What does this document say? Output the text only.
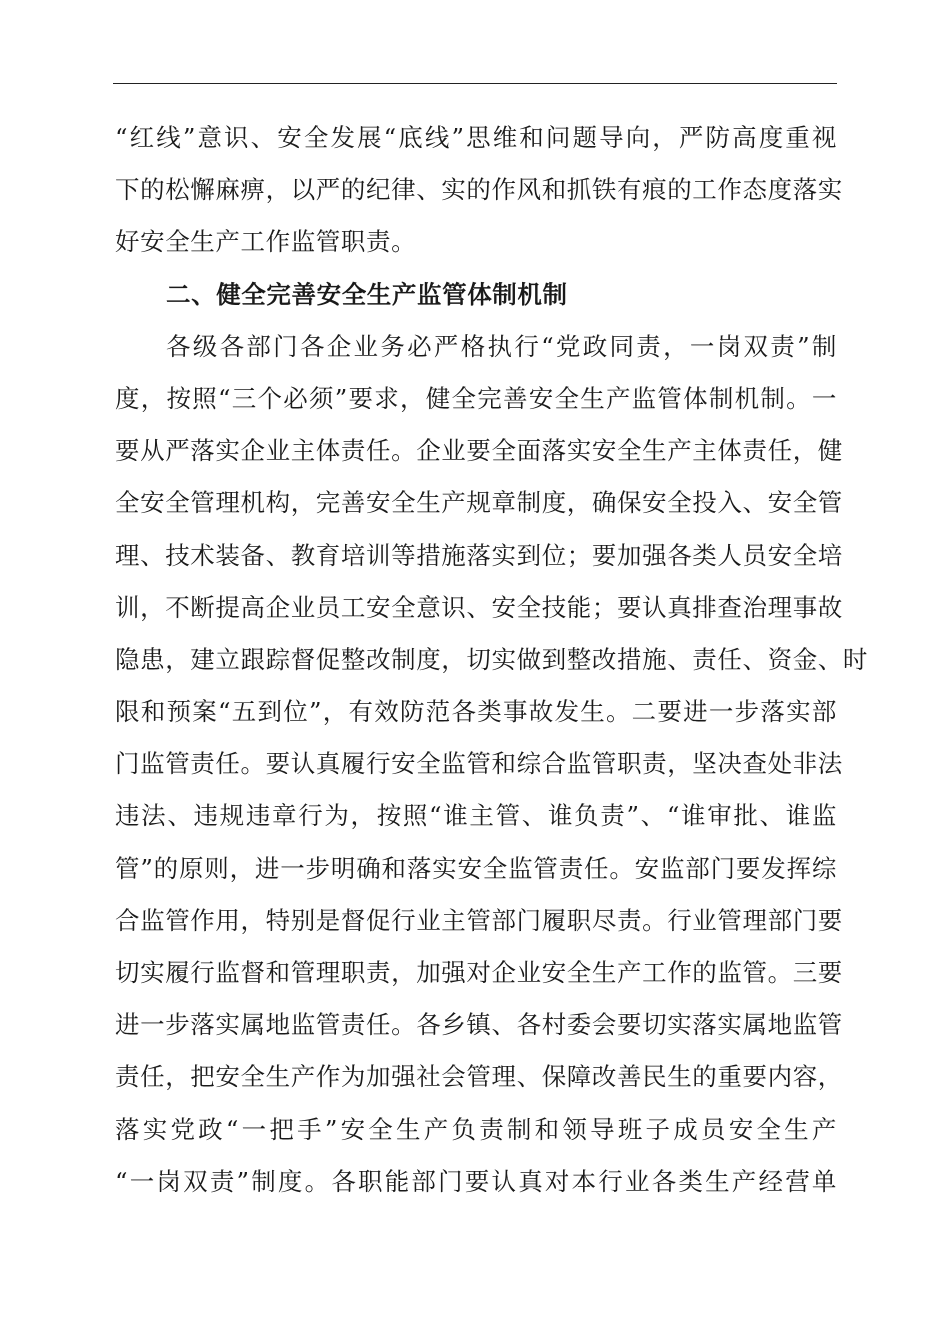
“红线”意识、安全发展“底线”思维和问题导向，严防高度重视
下的松懈麻痹，以严的纪律、实的作风和抓铁有痕的工作态度落实
好安全生产工作监管职责。
二、健全完善安全生产监管体制机制
各级各部门各企业务必严格执行“党政同责，一岗双责”制
度，按照“三个必须”要求，健全完善安全生产监管体制机制。一
要从严落实企业主体责任。企业要全面落实安全生产主体责任，健
全安全管理机构，完善安全生产规章制度，确保安全投入、安全管
理、技术装备、教育培训等措施落实到位；要加强各类人员安全培
训，不断提高企业员工安全意识、安全技能；要认真排查治理事故
隐患，建立跟踪督促整改制度，切实做到整改措施、责任、资金、时
限和预案“五到位”，有效防范各类事故发生。二要进一步落实部
门监管责任。要认真履行安全监管和综合监管职责，坚决查处非法
违法、违规违章行为，按照“谁主管、谁负责”、“谁审批、谁监
管”的原则，进一步明确和落实安全监管责任。安监部门要发挥综
合监管作用，特别是督促行业主管部门履职尽责。行业管理部门要
切实履行监督和管理职责，加强对企业安全生产工作的监管。三要
进一步落实属地监管责任。各乡镇、各村委会要切实落实属地监管
责任，把安全生产作为加强社会管理、保障改善民生的重要内容，
落实党政“一把手”安全生产负责制和领导班子成员安全生产
“一岗双责”制度。各职能部门要认真对本行业各类生产经营单
